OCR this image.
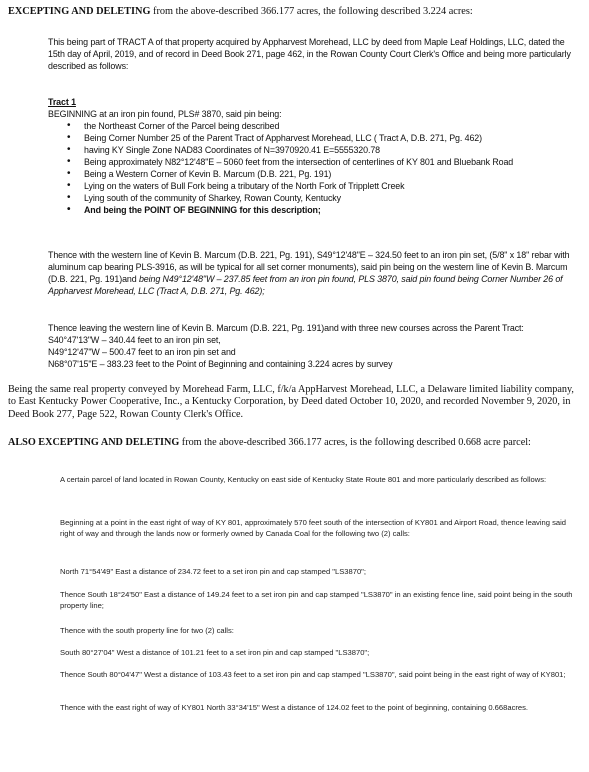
EXCEPTING AND DELETING from the above-described 366.177 acres, the following described 3.224 acres:

This being part of TRACT A of that property acquired by Appharvest Morehead, LLC by deed from Maple Leaf Holdings, LLC, dated the 15th day of April, 2019, and of record in Deed Book 271, page 462, in the Rowan County Court Clerk's Office and being more particularly described as follows:

Tract 1

BEGINNING at an iron pin found, PLS# 3870, said pin being:

• the Northeast Corner of the Parcel being described
• Being Corner Number 25 of the Parent Tract of Appharvest Morehead, LLC ( Tract A, D.B. 271, Pg. 462)
• having KY Single Zone NAD83 Coordinates of N=3970920.41 E=5555320.78
• Being approximately N82°12'48"E – 5060 feet from the intersection of centerlines of KY 801 and Bluebank Road
• Being a Western Corner of Kevin B. Marcum (D.B. 221, Pg. 191)
• Lying on the waters of Bull Fork being a tributary of the North Fork of Tripplett Creek
• Lying south of the community of Sharkey, Rowan County, Kentucky
• And being the POINT OF BEGINNING for this description;

Thence with the western line of Kevin B. Marcum (D.B. 221, Pg. 191), S49°12'48"E – 324.50 feet to an iron pin set, (5/8" x 18" rebar with aluminum cap bearing PLS-3916, as will be typical for all set corner monuments), said pin being on the western line of Kevin B. Marcum (D.B. 221, Pg. 191)and being N49°12'48"W – 237.85 feet from an iron pin found, PLS 3870, said pin found being Corner Number 26 of Appharvest Morehead, LLC (Tract A, D.B. 271, Pg. 462);

Thence leaving the western line of Kevin B. Marcum (D.B. 221, Pg. 191)and with three new courses across the Parent Tract:

S40°47'13"W – 340.44 feet to an iron pin set,

N49°12'47"W – 500.47 feet to an iron pin set and

N68°07'15"E – 383.23 feet to the Point of Beginning and containing 3.224 acres by survey

Being the same real property conveyed by Morehead Farm, LLC, f/k/a AppHarvest Morehead, LLC, a Delaware limited liability company, to East Kentucky Power Cooperative, Inc., a Kentucky Corporation, by Deed dated October 10, 2020, and recorded November 9, 2020, in Deed Book 277, Page 522, Rowan County Clerk's Office.

ALSO EXCEPTING AND DELETING from the above-described 366.177 acres, is the following described 0.668 acre parcel:

A certain parcel of land located in Rowan County, Kentucky on east side of Kentucky State Route 801 and more particularly described as follows:

Beginning at a point in the east right of way of KY 801, approximately 570 feet south of the intersection of KY801 and Airport Road, thence leaving said right of way and through the lands now or formerly owned by Canada Coal for the following two (2) calls:

North 71°54'49" East a distance of 234.72 feet to a set iron pin and cap stamped "LS3870";

Thence South 18°24'50" East a distance of 149.24 feet to a set iron pin and cap stamped "LS3870" in an existing fence line, said point being in the south property line;

Thence with the south property line for two (2) calls:

South 80°27'04" West a distance of 101.21 feet to a set iron pin and cap stamped "LS3870";

Thence South 80°04'47" West a distance of 103.43 feet to a set iron pin and cap stamped "LS3870", said point being in the east right of way of KY801;

Thence with the east right of way of KY801 North 33°34'15" West a distance of 124.02 feet to the point of beginning, containing 0.668acres.
